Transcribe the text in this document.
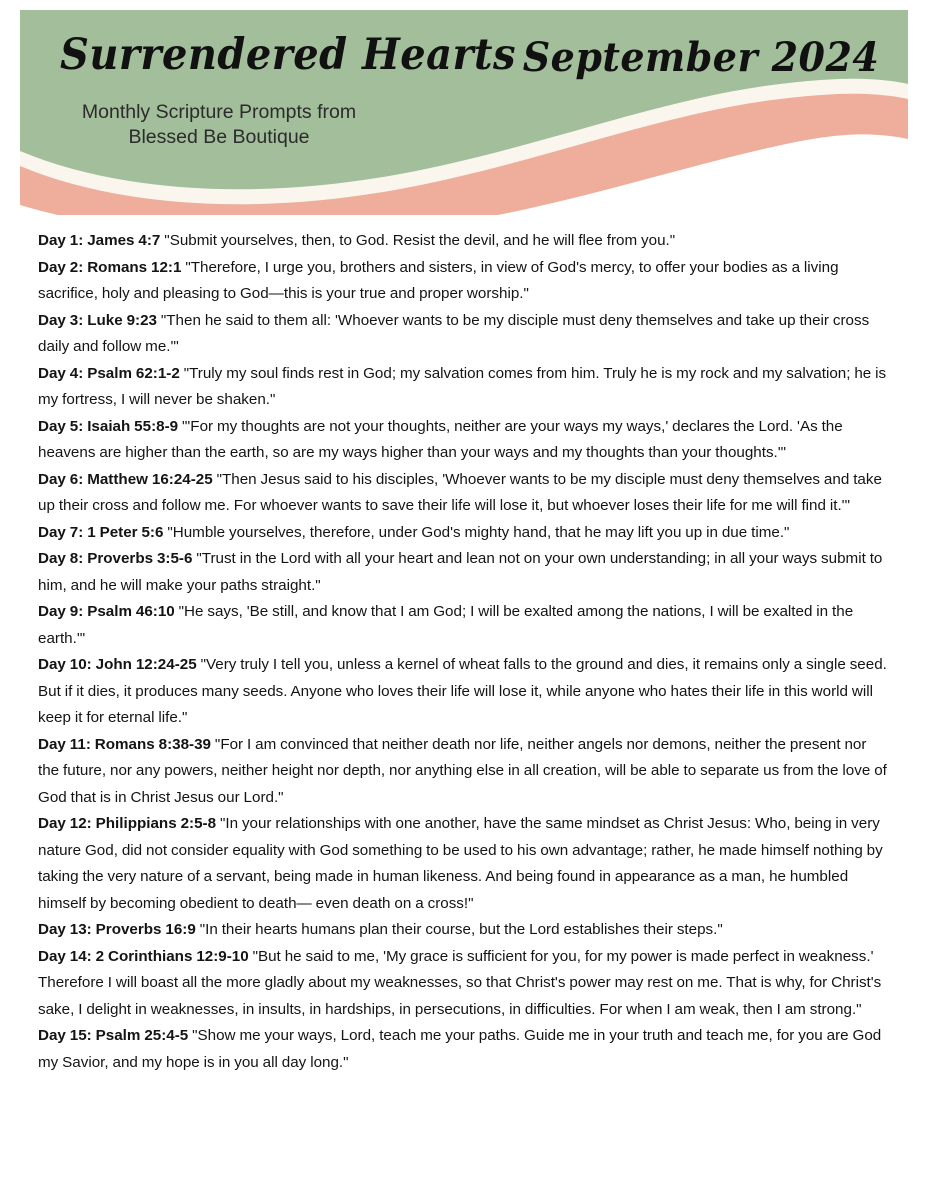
Surrendered Hearts September 2024
Monthly Scripture Prompts from
Blessed Be Boutique

Day 1: James 4:7 "Submit yourselves, then, to God. Resist the devil, and he will flee from you."

Day 2: Romans 12:1 "Therefore, I urge you, brothers and sisters, in view of God's mercy, to offer your bodies as a living sacrifice, holy and pleasing to God—this is your true and proper worship."

Day 3: Luke 9:23 "Then he said to them all: 'Whoever wants to be my disciple must deny themselves and take up their cross daily and follow me.'"

Day 4: Psalm 62:1-2 "Truly my soul finds rest in God; my salvation comes from him. Truly he is my rock and my salvation; he is my fortress, I will never be shaken."

Day 5: Isaiah 55:8-9 "'For my thoughts are not your thoughts, neither are your ways my ways,' declares the Lord. 'As the heavens are higher than the earth, so are my ways higher than your ways and my thoughts than your thoughts.'"

Day 6: Matthew 16:24-25 "Then Jesus said to his disciples, 'Whoever wants to be my disciple must deny themselves and take up their cross and follow me. For whoever wants to save their life will lose it, but whoever loses their life for me will find it.'"

Day 7: 1 Peter 5:6 "Humble yourselves, therefore, under God's mighty hand, that he may lift you up in due time."

Day 8: Proverbs 3:5-6 "Trust in the Lord with all your heart and lean not on your own understanding; in all your ways submit to him, and he will make your paths straight."

Day 9: Psalm 46:10 "He says, 'Be still, and know that I am God; I will be exalted among the nations, I will be exalted in the earth.'"

Day 10: John 12:24-25 "Very truly I tell you, unless a kernel of wheat falls to the ground and dies, it remains only a single seed. But if it dies, it produces many seeds. Anyone who loves their life will lose it, while anyone who hates their life in this world will keep it for eternal life."

Day 11: Romans 8:38-39 "For I am convinced that neither death nor life, neither angels nor demons, neither the present nor the future, nor any powers, neither height nor depth, nor anything else in all creation, will be able to separate us from the love of God that is in Christ Jesus our Lord."

Day 12: Philippians 2:5-8 "In your relationships with one another, have the same mindset as Christ Jesus: Who, being in very nature God, did not consider equality with God something to be used to his own advantage; rather, he made himself nothing by taking the very nature of a servant, being made in human likeness. And being found in appearance as a man, he humbled himself by becoming obedient to death— even death on a cross!"

Day 13: Proverbs 16:9 "In their hearts humans plan their course, but the Lord establishes their steps."

Day 14: 2 Corinthians 12:9-10 "But he said to me, 'My grace is sufficient for you, for my power is made perfect in weakness.' Therefore I will boast all the more gladly about my weaknesses, so that Christ's power may rest on me. That is why, for Christ's sake, I delight in weaknesses, in insults, in hardships, in persecutions, in difficulties. For when I am weak, then I am strong."

Day 15: Psalm 25:4-5 "Show me your ways, Lord, teach me your paths. Guide me in your truth and teach me, for you are God my Savior, and my hope is in you all day long."
